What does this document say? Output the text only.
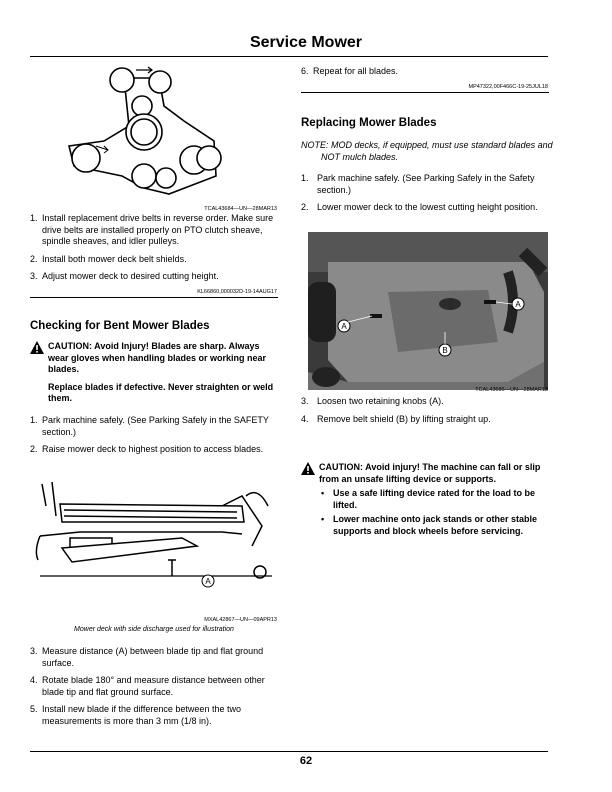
Service Mower
TCAL43684—UN—28MAR13
1. Install replacement drive belts in reverse order. Make sure drive belts are installed properly on PTO clutch sheave, spindle sheaves, and idler pulleys.
2. Install both mower deck belt shields.
3. Adjust mower deck to desired cutting height.
KL66860,000032D-19-14AUG17
Checking for Bent Mower Blades
CAUTION: Avoid Injury! Blades are sharp. Always wear gloves when handling blades or working near blades.
Replace blades if defective. Never straighten or weld them.
1. Park machine safely. (See Parking Safely in the SAFETY section.)
2. Raise mower deck to highest position to access blades.
A
MXAL42867—UN—09APR13
Mower deck with side discharge used for illustration
3. Measure distance (A) between blade tip and flat ground surface.
4. Rotate blade 180° and measure distance between other blade tip and flat ground surface.
5. Install new blade if the difference between the two measurements is more than 3 mm (1/8 in).
6. Repeat for all blades.
MP47322,00F466C-19-25JUL18
Replacing Mower Blades
NOTE: MOD decks, if equipped, must use standard blades and NOT mulch blades.
1. Park machine safely. (See Parking Safely in the Safety section.)
2. Lower mower deck to the lowest cutting height position.
A
A
B
TCAL43686—UN—28MAR13
3. Loosen two retaining knobs (A).
4. Remove belt shield (B) by lifting straight up.
CAUTION: Avoid injury! The machine can fall or slip from an unsafe lifting device or supports.
• Use a safe lifting device rated for the load to be lifted.
• Lower machine onto jack stands or other stable supports and block wheels before servicing.
62
